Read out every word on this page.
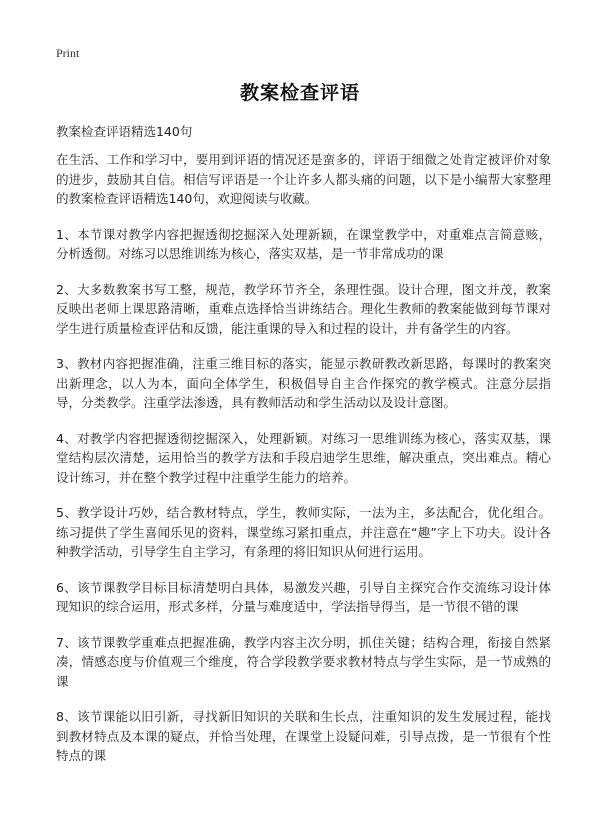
Print
教案检查评语

教案检查评语精选140句

在生活、工作和学习中，要用到评语的情况还是蛮多的，评语于细微之处肯定被评价对象的进步，鼓励其自信。相信写评语是一个让许多人都头痛的问题，以下是小编帮大家整理的教案检查评语精选140句，欢迎阅读与收藏。

1、本节课对教学内容把握透彻挖掘深入处理新颖，在课堂教学中，对重难点言简意赅，分析透彻。对练习以思维训练为核心，落实双基，是一节非常成功的课

2、大多数教案书写工整，规范，教学环节齐全，条理性强。设计合理，图文并茂，教案反映出老师上课思路清晰，重难点选择恰当讲练结合。理化生教师的教案能做到每节课对学生进行质量检查评估和反馈，能注重课的导入和过程的设计，并有备学生的内容。

3、教材内容把握准确，注重三维目标的落实，能显示教研教改新思路，每课时的教案突出新理念，以人为本，面向全体学生，积极倡导自主合作探究的教学模式。注意分层指导，分类教学。注重学法渗透，具有教师活动和学生活动以及设计意图。

4、对教学内容把握透彻挖掘深入，处理新颖。对练习一思维训练为核心，落实双基，课堂结构层次清楚，运用恰当的教学方法和手段启迪学生思维，解决重点，突出难点。精心设计练习，并在整个教学过程中注重学生能力的培养。

5、教学设计巧妙，结合教材特点，学生，教师实际，一法为主，多法配合，优化组合。练习提供了学生喜闻乐见的资料，课堂练习紧扣重点，并注意在“趣”字上下功夫。设计各种教学活动，引导学生自主学习，有条理的将旧知识从何进行运用。

6、该节课教学目标目标清楚明白具体，易激发兴趣，引导自主探究合作交流练习设计体现知识的综合运用，形式多样，分量与难度适中，学法指导得当，是一节很不错的课

7、该节课教学重难点把握准确，教学内容主次分明，抓住关键；结构合理，衔接自然紧凑，情感态度与价值观三个维度，符合学段教学要求教材特点与学生实际，是一节成熟的课

8、该节课能以旧引新，寻找新旧知识的关联和生长点，注重知识的发生发展过程，能找到教材特点及本课的疑点，并恰当处理，在课堂上设疑问难，引导点拨，是一节很有个性特点的课
